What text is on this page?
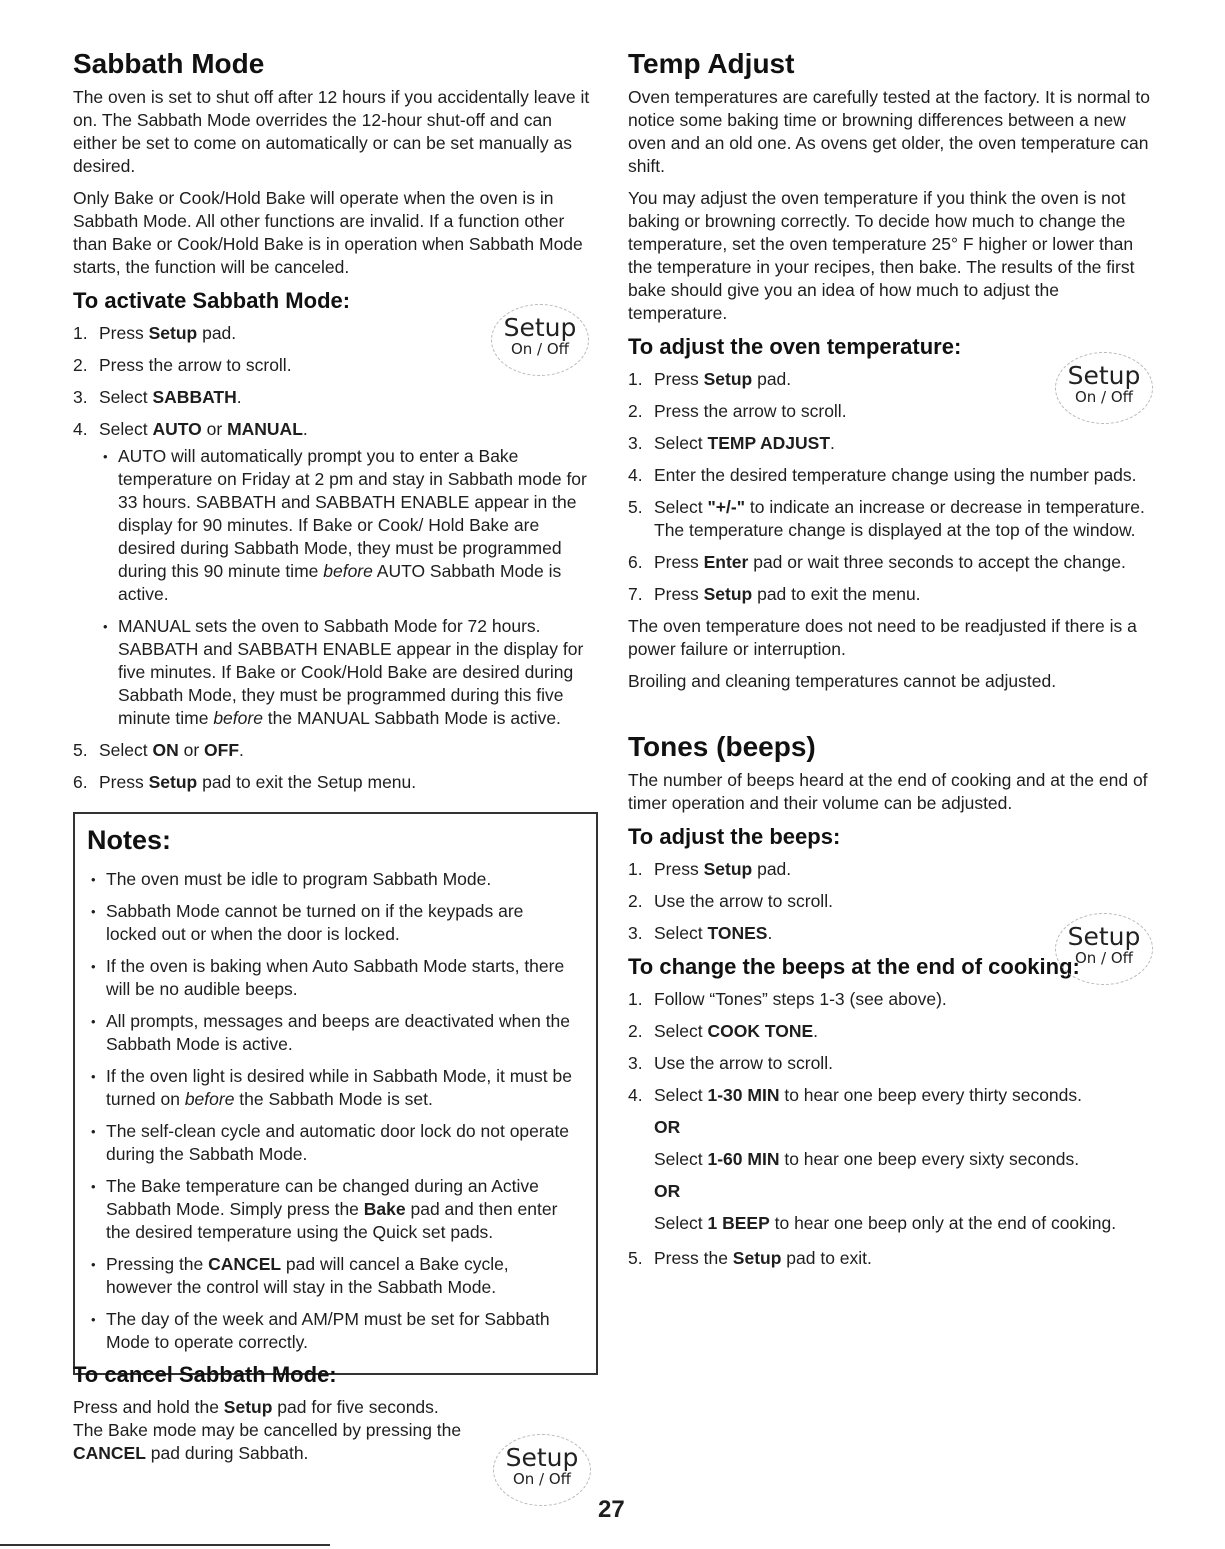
Sabbath Mode

The oven is set to shut off after 12 hours if you accidentally leave it on. The Sabbath Mode overrides the 12-hour shut-off and can either be set to come on automatically or can be set manually as desired.

Only Bake or Cook/Hold Bake will operate when the oven is in Sabbath Mode. All other functions are invalid. If a function other than Bake or Cook/Hold Bake is in operation when Sabbath Mode starts, the function will be canceled.

To activate Sabbath Mode:
1. Press Setup pad.
2. Press the arrow to scroll.
3. Select SABBATH.
4. Select AUTO or MANUAL.
• AUTO will automatically prompt you to enter a Bake temperature on Friday at 2 pm and stay in Sabbath mode for 33 hours. SABBATH and SABBATH ENABLE appear in the display for 90 minutes. If Bake or Cook/ Hold Bake are desired during Sabbath Mode, they must be programmed during this 90 minute time before AUTO Sabbath Mode is active.
• MANUAL sets the oven to Sabbath Mode for 72 hours. SABBATH and SABBATH ENABLE appear in the display for five minutes. If Bake or Cook/Hold Bake are desired during Sabbath Mode, they must be programmed during this five minute time before the MANUAL Sabbath Mode is active.
5. Select ON or OFF.
6. Press Setup pad to exit the Setup menu.
Notes:
• The oven must be idle to program Sabbath Mode.
• Sabbath Mode cannot be turned on if the keypads are locked out or when the door is locked.
• If the oven is baking when Auto Sabbath Mode starts, there will be no audible beeps.
• All prompts, messages and beeps are deactivated when the Sabbath Mode is active.
• If the oven light is desired while in Sabbath Mode, it must be turned on before the Sabbath Mode is set.
• The self-clean cycle and automatic door lock do not operate during the Sabbath Mode.
• The Bake temperature can be changed during an Active Sabbath Mode. Simply press the Bake pad and then enter the desired temperature using the Quick set pads.
• Pressing the CANCEL pad will cancel a Bake cycle, however the control will stay in the Sabbath Mode.
• The day of the week and AM/PM must be set for Sabbath Mode to operate correctly.
Setup
On / Off
To cancel Sabbath Mode:

Press and hold the Setup pad for five seconds. The Bake mode may be cancelled by pressing the CANCEL pad during Sabbath.	Setup
On / Off
Temp Adjust

Oven temperatures are carefully tested at the factory. It is normal to notice some baking time or browning differences between a new oven and an old one. As ovens get older, the oven temperature can shift.

You may adjust the oven temperature if you think the oven is not baking or browning correctly. To decide how much to change the temperature, set the oven temperature 25° F higher or lower than the temperature in your recipes, then bake. The results of the first bake should give you an idea of how much to adjust the temperature.

To adjust the oven temperature:
1. Press Setup pad.
2. Press the arrow to scroll.
3. Select TEMP ADJUST.
4. Enter the desired temperature change using the number pads.
5. Select "+/-" to indicate an increase or decrease in temperature. The temperature change is displayed at the top of the window.
6. Press Enter pad or wait three seconds to accept the change.
7. Press Setup pad to exit the menu.

The oven temperature does not need to be readjusted if there is a power failure or interruption.

Broiling and cleaning temperatures cannot be adjusted.

Tones (beeps)

The number of beeps heard at the end of cooking and at the end of timer operation and their volume can be adjusted.

To adjust the beeps:
1. Press Setup pad.
2. Use the arrow to scroll.
3. Select TONES.
To change the beeps at the end of cooking:
1. Follow “Tones” steps 1-3 (see above).
2. Select COOK TONE.
3. Use the arrow to scroll.
4. Select 1-30 MIN to hear one beep every thirty seconds.
OR
Select 1-60 MIN to hear one beep every sixty seconds.
OR
Select 1 BEEP to hear one beep only at the end of cooking.
5. Press the Setup pad to exit.
Setup
On / Off
Setup
On / Off
27
